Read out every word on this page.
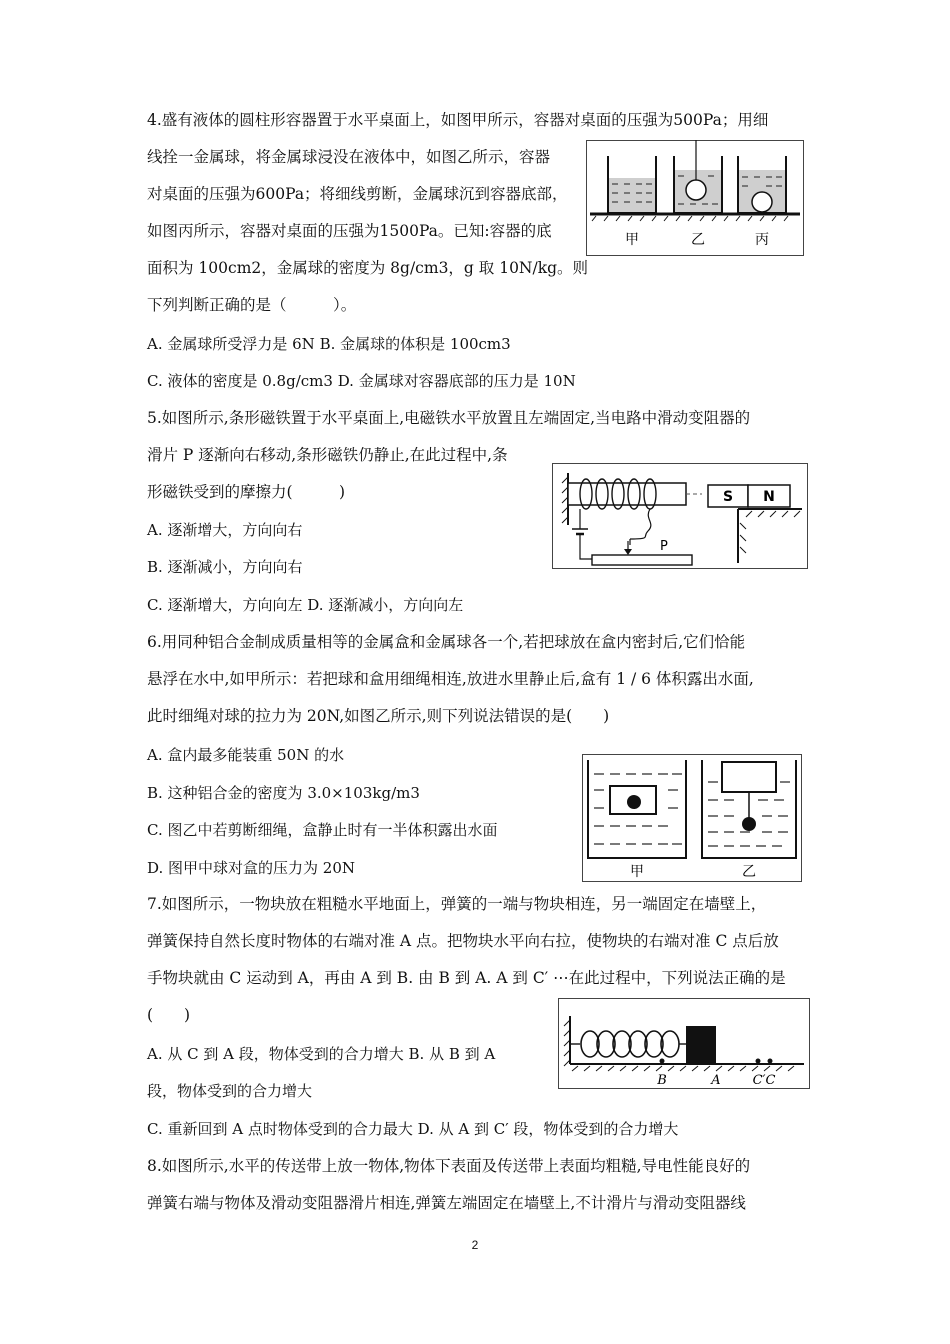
4.盛有液体的圆柱形容器置于水平桌面上，如图甲所示，容器对桌面的压强为500Pa；用细
线拴一金属球，将金属球浸没在液体中，如图乙所示，容器
对桌面的压强为600Pa；将细线剪断，金属球沉到容器底部，
如图丙所示，容器对桌面的压强为1500Pa。已知:容器的底
面积为 100cm2，金属球的密度为 8g/cm3，g 取 10N/kg。则
下列判断正确的是（　　　）。
A. 金属球所受浮力是 6N B. 金属球的体积是 100cm3
C. 液体的密度是 0.8g/cm3 D. 金属球对容器底部的压力是 10N
甲	乙	丙
5.如图所示,条形磁铁置于水平桌面上,电磁铁水平放置且左端固定,当电路中滑动变阻器的
滑片 P 逐渐向右移动,条形磁铁仍静止,在此过程中,条
形磁铁受到的摩擦力(　　　)
A. 逐渐增大，方向向右
B. 逐渐减小，方向向右
C. 逐渐增大，方向向左 D. 逐渐减小，方向向左
P
S N
6.用同种铝合金制成质量相等的金属盒和金属球各一个,若把球放在盒内密封后,它们恰能
悬浮在水中,如甲所示：若把球和盒用细绳相连,放进水里静止后,盒有 1 / 6 体积露出水面,
此时细绳对球的拉力为 20N,如图乙所示,则下列说法错误的是(　　)
A. 盒内最多能装重 50N 的水
B. 这种铝合金的密度为 3.0×103kg/m3
C. 图乙中若剪断细绳，盒静止时有一半体积露出水面
D. 图甲中球对盒的压力为 20N	甲	乙
7.如图所示，一物块放在粗糙水平地面上，弹簧的一端与物块相连，另一端固定在墙壁上，
弹簧保持自然长度时物体的右端对准 A 点。把物块水平向右拉，使物块的右端对准 C 点后放
手物块就由 C 运动到 A，再由 A 到 B. 由 B 到 A. A 到 C′ ⋯在此过程中，下列说法正确的是
(　　)
A. 从 C 到 A 段，物体受到的合力增大 B. 从 B 到 A
段，物体受到的合力增大
C. 重新回到 A 点时物体受到的合力最大 D. 从 A 到 C′ 段，物体受到的合力增大
B	A C′C
8.如图所示,水平的传送带上放一物体,物体下表面及传送带上表面均粗糙,导电性能良好的
弹簧右端与物体及滑动变阻器滑片相连,弹簧左端固定在墙壁上,不计滑片与滑动变阻器线
2
